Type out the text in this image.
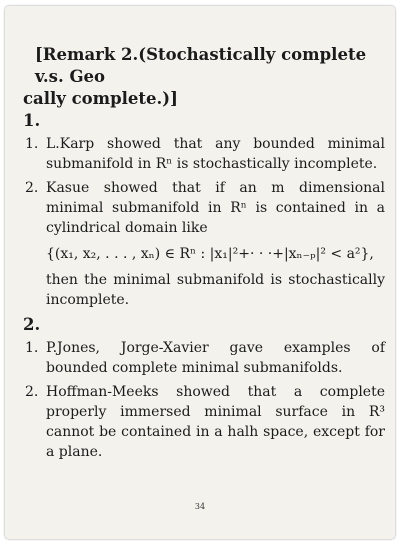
[Remark 2.(Stochastically complete v.s. Geo
cally complete.)]

1.

1. L.Karp showed that any bounded minimal submanifold in Rⁿ is stochastically incomplete.
2. Kasue showed that if an m dimensional minimal submanifold in Rⁿ is contained in a cylindrical domain like
{(x₁, x₂, . . . , xₙ) ∈ Rⁿ : |x₁|²+· · ·+|xₙ₋ₚ|² < a²},
then the minimal submanifold is stochastically incomplete.

2.

1. P.Jones, Jorge-Xavier gave examples of bounded complete minimal submanifolds.
2. Hoffman-Meeks showed that a complete properly immersed minimal surface in R³ cannot be contained in a halh space, except for a plane.
34
